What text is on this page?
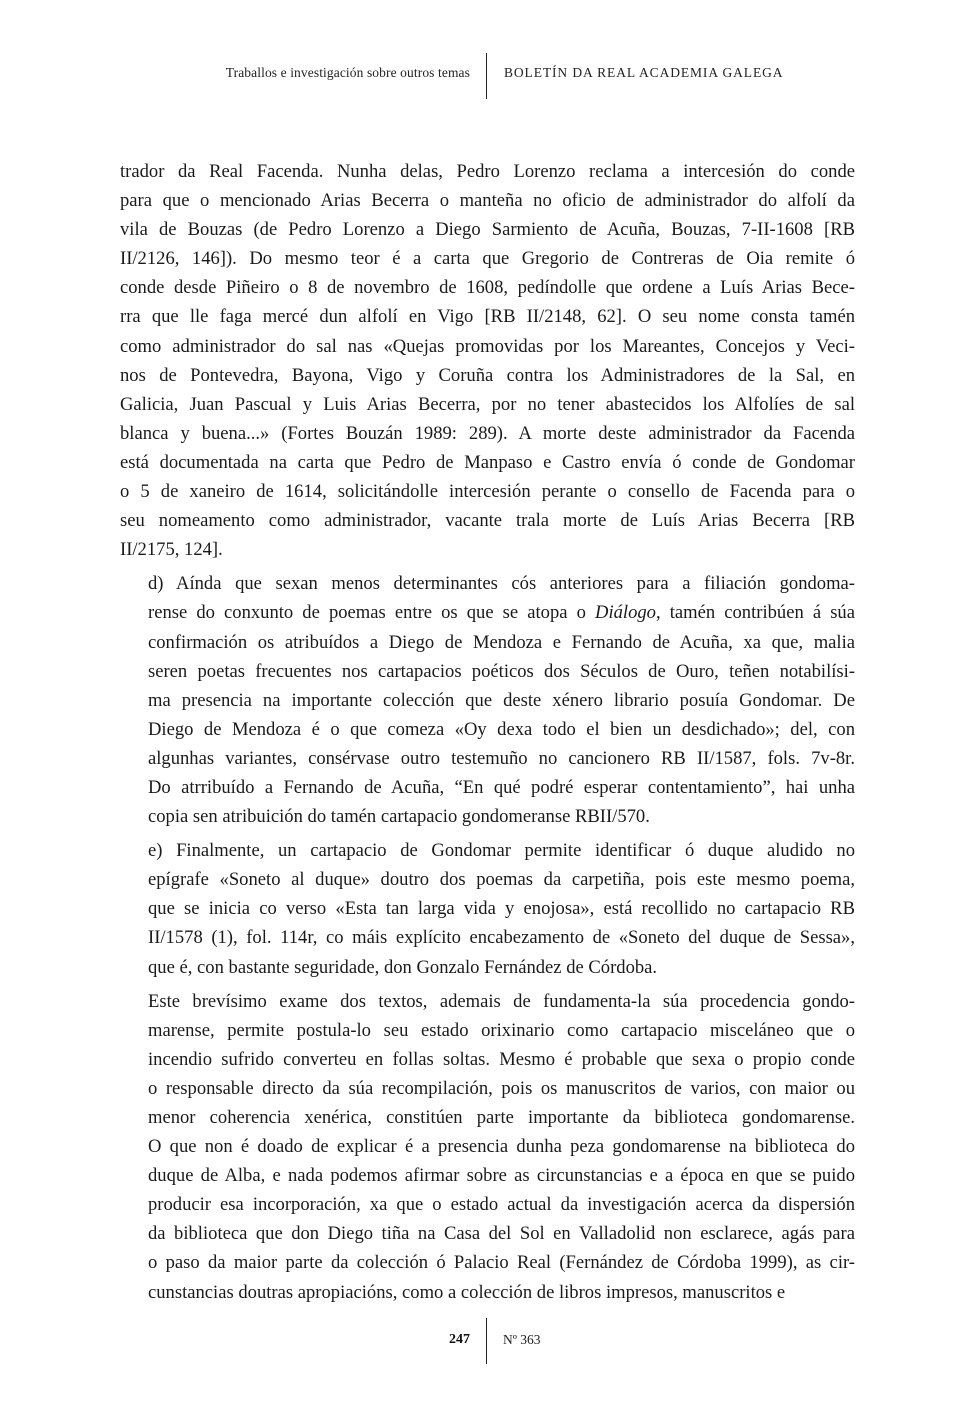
Traballos e investigación sobre outros temas	BOLETÍN DA REAL ACADEMIA GALEGA
trador da Real Facenda. Nunha delas, Pedro Lorenzo reclama a intercesión do conde
para que o mencionado Arias Becerra o manteña no oficio de administrador do alfolí da
vila de Bouzas (de Pedro Lorenzo a Diego Sarmiento de Acuña, Bouzas, 7-II-1608 [RB
II/2126, 146]). Do mesmo teor é a carta que Gregorio de Contreras de Oia remite ó
conde desde Piñeiro o 8 de novembro de 1608, pedíndolle que ordene a Luís Arias Bece-
rra que lle faga mercé dun alfolí en Vigo [RB II/2148, 62]. O seu nome consta tamén
como administrador do sal nas «Quejas promovidas por los Mareantes, Concejos y Veci-
nos de Pontevedra, Bayona, Vigo y Coruña contra los Administradores de la Sal, en
Galicia, Juan Pascual y Luis Arias Becerra, por no tener abastecidos los Alfolíes de sal
blanca y buena...» (Fortes Bouzán 1989: 289). A morte deste administrador da Facenda
está documentada na carta que Pedro de Manpaso e Castro envía ó conde de Gondomar
o 5 de xaneiro de 1614, solicitándolle intercesión perante o consello de Facenda para o
seu nomeamento como administrador, vacante trala morte de Luís Arias Becerra [RB
II/2175, 124].
d) Aínda que sexan menos determinantes cós anteriores para a filiación gondoma-
rense do conxunto de poemas entre os que se atopa o Diálogo, tamén contribúen á súa
confirmación os atribuídos a Diego de Mendoza e Fernando de Acuña, xa que, malia
seren poetas frecuentes nos cartapacios poéticos dos Séculos de Ouro, teñen notabilísi-
ma presencia na importante colección que deste xénero librario posuía Gondomar. De
Diego de Mendoza é o que comeza «Oy dexa todo el bien un desdichado»; del, con
algunhas variantes, consérvase outro testemuño no cancionero RB II/1587, fols. 7v-8r.
Do atrribuído a Fernando de Acuña, “En qué podré esperar contentamiento”, hai unha
copia sen atribuición do tamén cartapacio gondomeranse RBII/570.
e) Finalmente, un cartapacio de Gondomar permite identificar ó duque aludido no
epígrafe «Soneto al duque» doutro dos poemas da carpetiña, pois este mesmo poema,
que se inicia co verso «Esta tan larga vida y enojosa», está recollido no cartapacio RB
II/1578 (1), fol. 114r, co máis explícito encabezamento de «Soneto del duque de Sessa»,
que é, con bastante seguridade, don Gonzalo Fernández de Córdoba.
Este brevísimo exame dos textos, ademais de fundamenta-la súa procedencia gondo-
marense, permite postula-lo seu estado orixinario como cartapacio misceláneo que o
incendio sufrido converteu en follas soltas. Mesmo é probable que sexa o propio conde
o responsable directo da súa recompilación, pois os manuscritos de varios, con maior ou
menor coherencia xenérica, constitúen parte importante da biblioteca gondomarense.
O que non é doado de explicar é a presencia dunha peza gondomarense na biblioteca do
duque de Alba, e nada podemos afirmar sobre as circunstancias e a época en que se puido
producir esa incorporación, xa que o estado actual da investigación acerca da dispersión
da biblioteca que don Diego tiña na Casa del Sol en Valladolid non esclarece, agás para
o paso da maior parte da colección ó Palacio Real (Fernández de Córdoba 1999), as cir-
cunstancias doutras apropiacións, como a colección de libros impresos, manuscritos e
247 Nº 363
